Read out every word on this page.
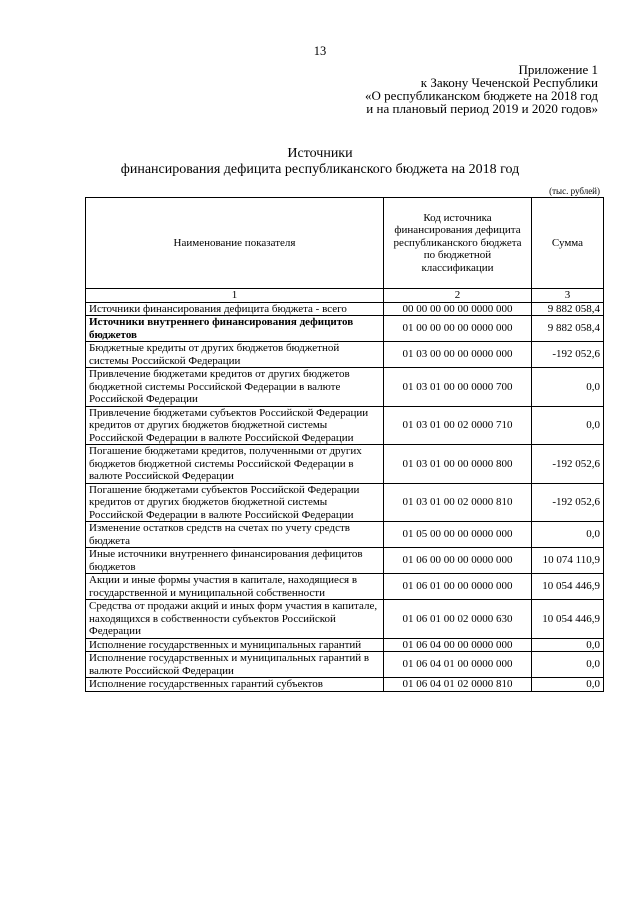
13
Приложение 1
к Закону Чеченской Республики
«О республиканском бюджете на 2018 год
и на плановый период 2019 и 2020 годов»
Источники
финансирования дефицита республиканского бюджета на 2018 год
(тыс. рублей)
Наименование показателя	Код источника финансирования дефицита республиканского бюджета по бюджетной классификации	Сумма
1	2	3
Источники финансирования дефицита бюджета - всего	00 00 00 00 00 0000 000	9 882 058,4
Источники внутреннего финансирования дефицитов бюджетов	01 00 00 00 00 0000 000	9 882 058,4
Бюджетные кредиты от других бюджетов бюджетной системы Российской Федерации	01 03 00 00 00 0000 000	-192 052,6
Привлечение бюджетами кредитов от других бюджетов бюджетной системы Российской Федерации в валюте Российской Федерации	01 03 01 00 00 0000 700	0,0
Привлечение бюджетами субъектов Российской Федерации кредитов от других бюджетов бюджетной системы Российской Федерации в валюте Российской Федерации	01 03 01 00 02 0000 710	0,0
Погашение бюджетами кредитов, полученными от других бюджетов бюджетной системы Российской Федерации в валюте Российской Федерации	01 03 01 00 00 0000 800	-192 052,6
Погашение бюджетами субъектов Российской Федерации кредитов от других бюджетов бюджетной системы Российской Федерации в валюте Российской Федерации	01 03 01 00 02 0000 810	-192 052,6
Изменение остатков средств на счетах по учету средств бюджета	01 05 00 00 00 0000 000	0,0
Иные источники внутреннего финансирования дефицитов бюджетов	01 06 00 00 00 0000 000	10 074 110,9
Акции и иные формы участия в капитале, находящиеся в государственной и муниципальной собственности	01 06 01 00 00 0000 000	10 054 446,9
Средства от продажи акций и иных форм участия в капитале, находящихся в собственности субъектов Российской Федерации	01 06 01 00 02 0000 630	10 054 446,9
Исполнение государственных и муниципальных гарантий	01 06 04 00 00 0000 000	0,0
Исполнение государственных и муниципальных гарантий в валюте Российской Федерации	01 06 04 01 00 0000 000	0,0
Исполнение государственных гарантий субъектов	01 06 04 01 02 0000 810	0,0
